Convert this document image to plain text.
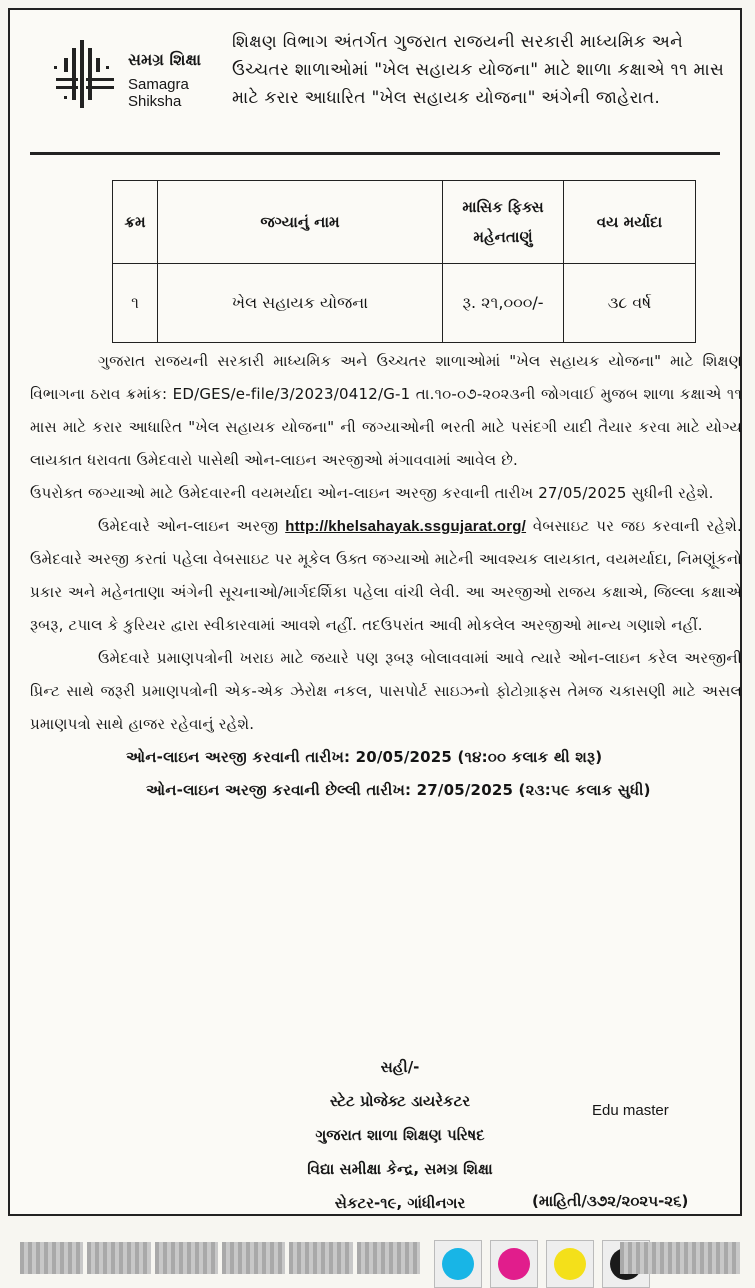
સમગ્ર શિક્ષા
Samagra Shiksha
શિક્ષણ વિભાગ અંતર્ગત ગુજરાત રાજયની સરકારી માધ્યમિક અને ઉચ્ચતર શાળાઓમાં "ખેલ સહાયક યોજના" માટે શાળા કક્ષાએ ૧૧ માસ માટે કરાર આધારિત "ખેલ સહાયક યોજના" અંગેની જાહેરાત.
ક્રમ	જગ્યાનું નામ	માસિક ફિક્સ મહેનતાણું	વય મર્યાદા
૧	ખેલ સહાયક યોજના	રૂ. ૨૧,૦૦૦/-	૩૮ વર્ષ

ગુજરાત રાજયની સરકારી માધ્યમિક અને ઉચ્ચતર શાળાઓમાં "ખેલ સહાયક યોજના" માટે શિક્ષણ વિભાગના ઠરાવ ક્રમાંક: ED/GES/e-file/3/2023/0412/G-1 તા.૧૦-૦૭-૨૦૨૩ની જોગવાઈ મુજબ શાળા કક્ષાએ ૧૧ માસ માટે કરાર આધારિત "ખેલ સહાયક યોજના" ની જગ્યાઓની ભરતી માટે પસંદગી યાદી તૈયાર કરવા માટે યોગ્ય લાયકાત ધરાવતા ઉમેદવારો પાસેથી ઓન-લાઇન અરજીઓ મંગાવવામાં આવેલ છે.

ઉપરોક્ત જગ્યાઓ માટે ઉમેદવારની વયમર્યાદા ઓન-લાઇન અરજી કરવાની તારીખ 27/05/2025 સુધીની રહેશે.

ઉમેદવારે ઓન-લાઇન અરજી http://khelsahayak.ssgujarat.org/ વેબસાઇટ પર જઇ કરવાની રહેશે. ઉમેદવારે અરજી કરતાં પહેલા વેબસાઇટ પર મૂકેલ ઉક્ત જગ્યાઓ માટેની આવશ્યક લાયકાત, વયમર્યાદા, નિમણૂંકનો પ્રકાર અને મહેનતાણા અંગેની સૂચનાઓ/માર્ગદર્શિકા પહેલા વાંચી લેવી. આ અરજીઓ રાજય કક્ષાએ, જિલ્લા કક્ષાએ રૂબરૂ, ટપાલ કે કુરિયર દ્વારા સ્વીકારવામાં આવશે નહીં. તદઉપરાંત આવી મોકલેલ અરજીઓ માન્ય ગણાશે નહીં.

ઉમેદવારે પ્રમાણપત્રોની ખરાઇ માટે જયારે પણ રૂબરૂ બોલાવવામાં આવે ત્યારે ઓન-લાઇન કરેલ અરજીની પ્રિન્ટ સાથે જરૂરી પ્રમાણપત્રોની એક-એક ઝેરોક્ષ નકલ, પાસપોર્ટ સાઇઝનો ફોટોગ્રાફસ તેમજ ચકાસણી માટે અસલ પ્રમાણપત્રો સાથે હાજર રહેવાનું રહેશે.

ઓન-લાઇન અરજી કરવાની તારીખ: 20/05/2025 (૧૪:૦૦ કલાક થી શરૂ)

ઓન-લાઇન અરજી કરવાની છેલ્લી તારીખ: 27/05/2025 (૨૩:૫૯ કલાક સુધી)

સહી/-
સ્ટેટ પ્રોજેક્ટ ડાયરેકટર
ગુજરાત શાળા શિક્ષણ પરિષદ
વિદ્યા સમીક્ષા કેન્દ્ર, સમગ્ર શિક્ષા
સેકટર-૧૯, ગાંધીનગર
Edu master
(માહિતી/૩૭૨/૨૦૨૫-૨૬)
